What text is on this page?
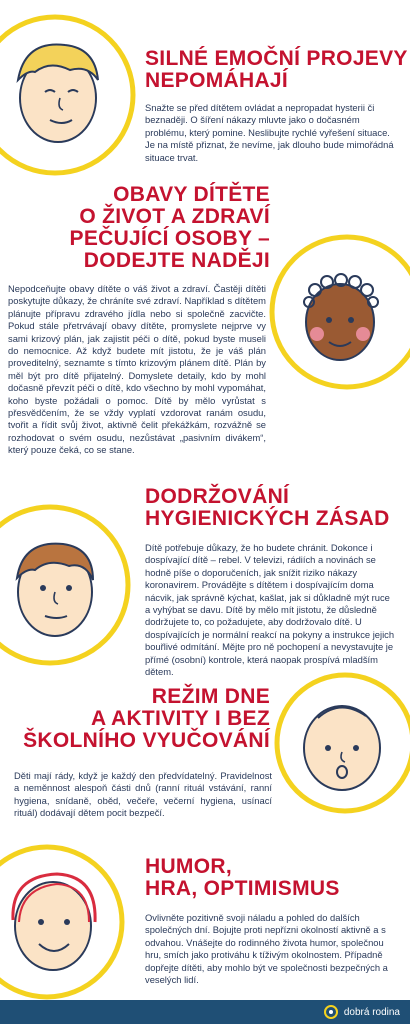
SILNÉ EMOČNÍ PROJEVY
NEPOMÁHAJÍ

Snažte se před dítětem ovládat a nepropadat hysterii či beznaději. O šíření nákazy mluvte jako o dočasném problému, který pomine. Neslibujte rychlé vyřešení situace. Je na místě přiznat, že nevíme, jak dlouho bude mimořádná situace trvat.

OBAVY DÍTĚTE
O ŽIVOT A ZDRAVÍ
PEČUJÍCÍ OSOBY –
DODEJTE NADĚJI

Nepodceňujte obavy dítěte o váš život a zdraví. Častěji dítěti poskytujte důkazy, že chráníte své zdraví. Například s dítětem plánujte přípravu zdravého jídla nebo si společně zacvičte. Pokud stále přetrvávají obavy dítěte, promyslete nejprve vy sami krizový plán, jak zajistit péči o dítě, pokud byste museli do nemocnice. Až když budete mít jistotu, že je váš plán proveditelný, seznamte s tímto krizovým plánem dítě. Plán by měl být pro dítě přijatelný. Domyslete detaily, kdo by mohl dočasně převzít péči o dítě, kdo všechno by mohl vypomáhat, koho byste požádali o pomoc. Dítě by mělo vyrůstat s přesvědčením, že se vždy vyplatí vzdorovat ranám osudu, tvořit a řídit svůj život, aktivně čelit překážkám, rozvážně se rozhodovat o svém osudu, nezůstávat „pasivním divákem“, který pouze čeká, co se stane.

DODRŽOVÁNÍ
HYGIENICKÝCH ZÁSAD

Dítě potřebuje důkazy, že ho budete chránit. Dokonce i dospívající dítě – rebel. V televizi, rádiích a novinách se hodně píše o doporučeních, jak snížit riziko nákazy koronavirem. Provádějte s dítětem i dospívajícím doma nácvik, jak správně kýchat, kašlat, jak si důkladně mýt ruce a vyhýbat se davu. Dítě by mělo mít jistotu, že důsledně dodržujete to, co požadujete, aby dodržovalo dítě. U dospívajících je normální reakcí na pokyny a instrukce jejich bouřlivé odmítání. Mějte pro ně pochopení a nevystavujte je přímé (osobní) kontrole, která naopak prospívá mladším dětem.

REŽIM DNE
A AKTIVITY I BEZ
ŠKOLNÍHO VYUČOVÁNÍ

Děti mají rády, když je každý den předvídatelný. Pravidelnost a neměnnost alespoň části dnů (ranní rituál vstávání, ranní hygiena, snídaně, oběd, večeře, večerní hygiena, usínací rituál) dodávají dětem pocit bezpečí.

HUMOR,
HRA, OPTIMISMUS

Ovlivněte pozitivně svoji náladu a pohled do dalších společných dní. Bojujte proti nepřízni okolností aktivně a s odvahou. Vnášejte do rodinného života humor, společnou hru, smích jako protiváhu k tíživým okolnostem. Případně dopřejte dítěti, aby mohlo být ve společnosti bezpečných a veselých lidí.

dobrá rodina
